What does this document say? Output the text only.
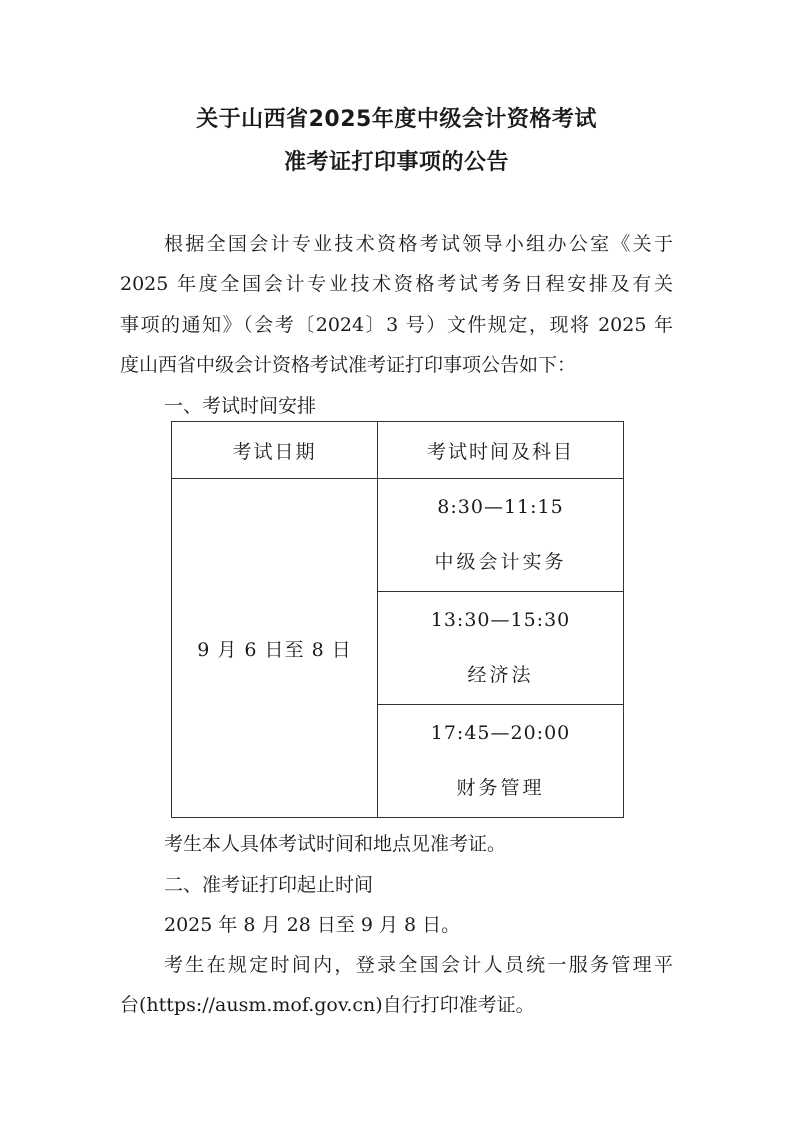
关于山西省2025年度中级会计资格考试
准考证打印事项的公告
根据全国会计专业技术资格考试领导小组办公室《关于
2025 年度全国会计专业技术资格考试考务日程安排及有关
事项的通知》（会考〔2024〕3 号）文件规定，现将 2025 年
度山西省中级会计资格考试准考证打印事项公告如下：
一、考试时间安排
考试日期	考试时间及科目
9 月 6 日至 8 日	8:30—11:15
中级会计实务

	13:30—15:30
经济法

	17:45—20:00
财务管理
考生本人具体考试时间和地点见准考证。
二、准考证打印起止时间
2025 年 8 月 28 日至 9 月 8 日。
考生在规定时间内，登录全国会计人员统一服务管理平
台(https://ausm.mof.gov.cn)自行打印准考证。
